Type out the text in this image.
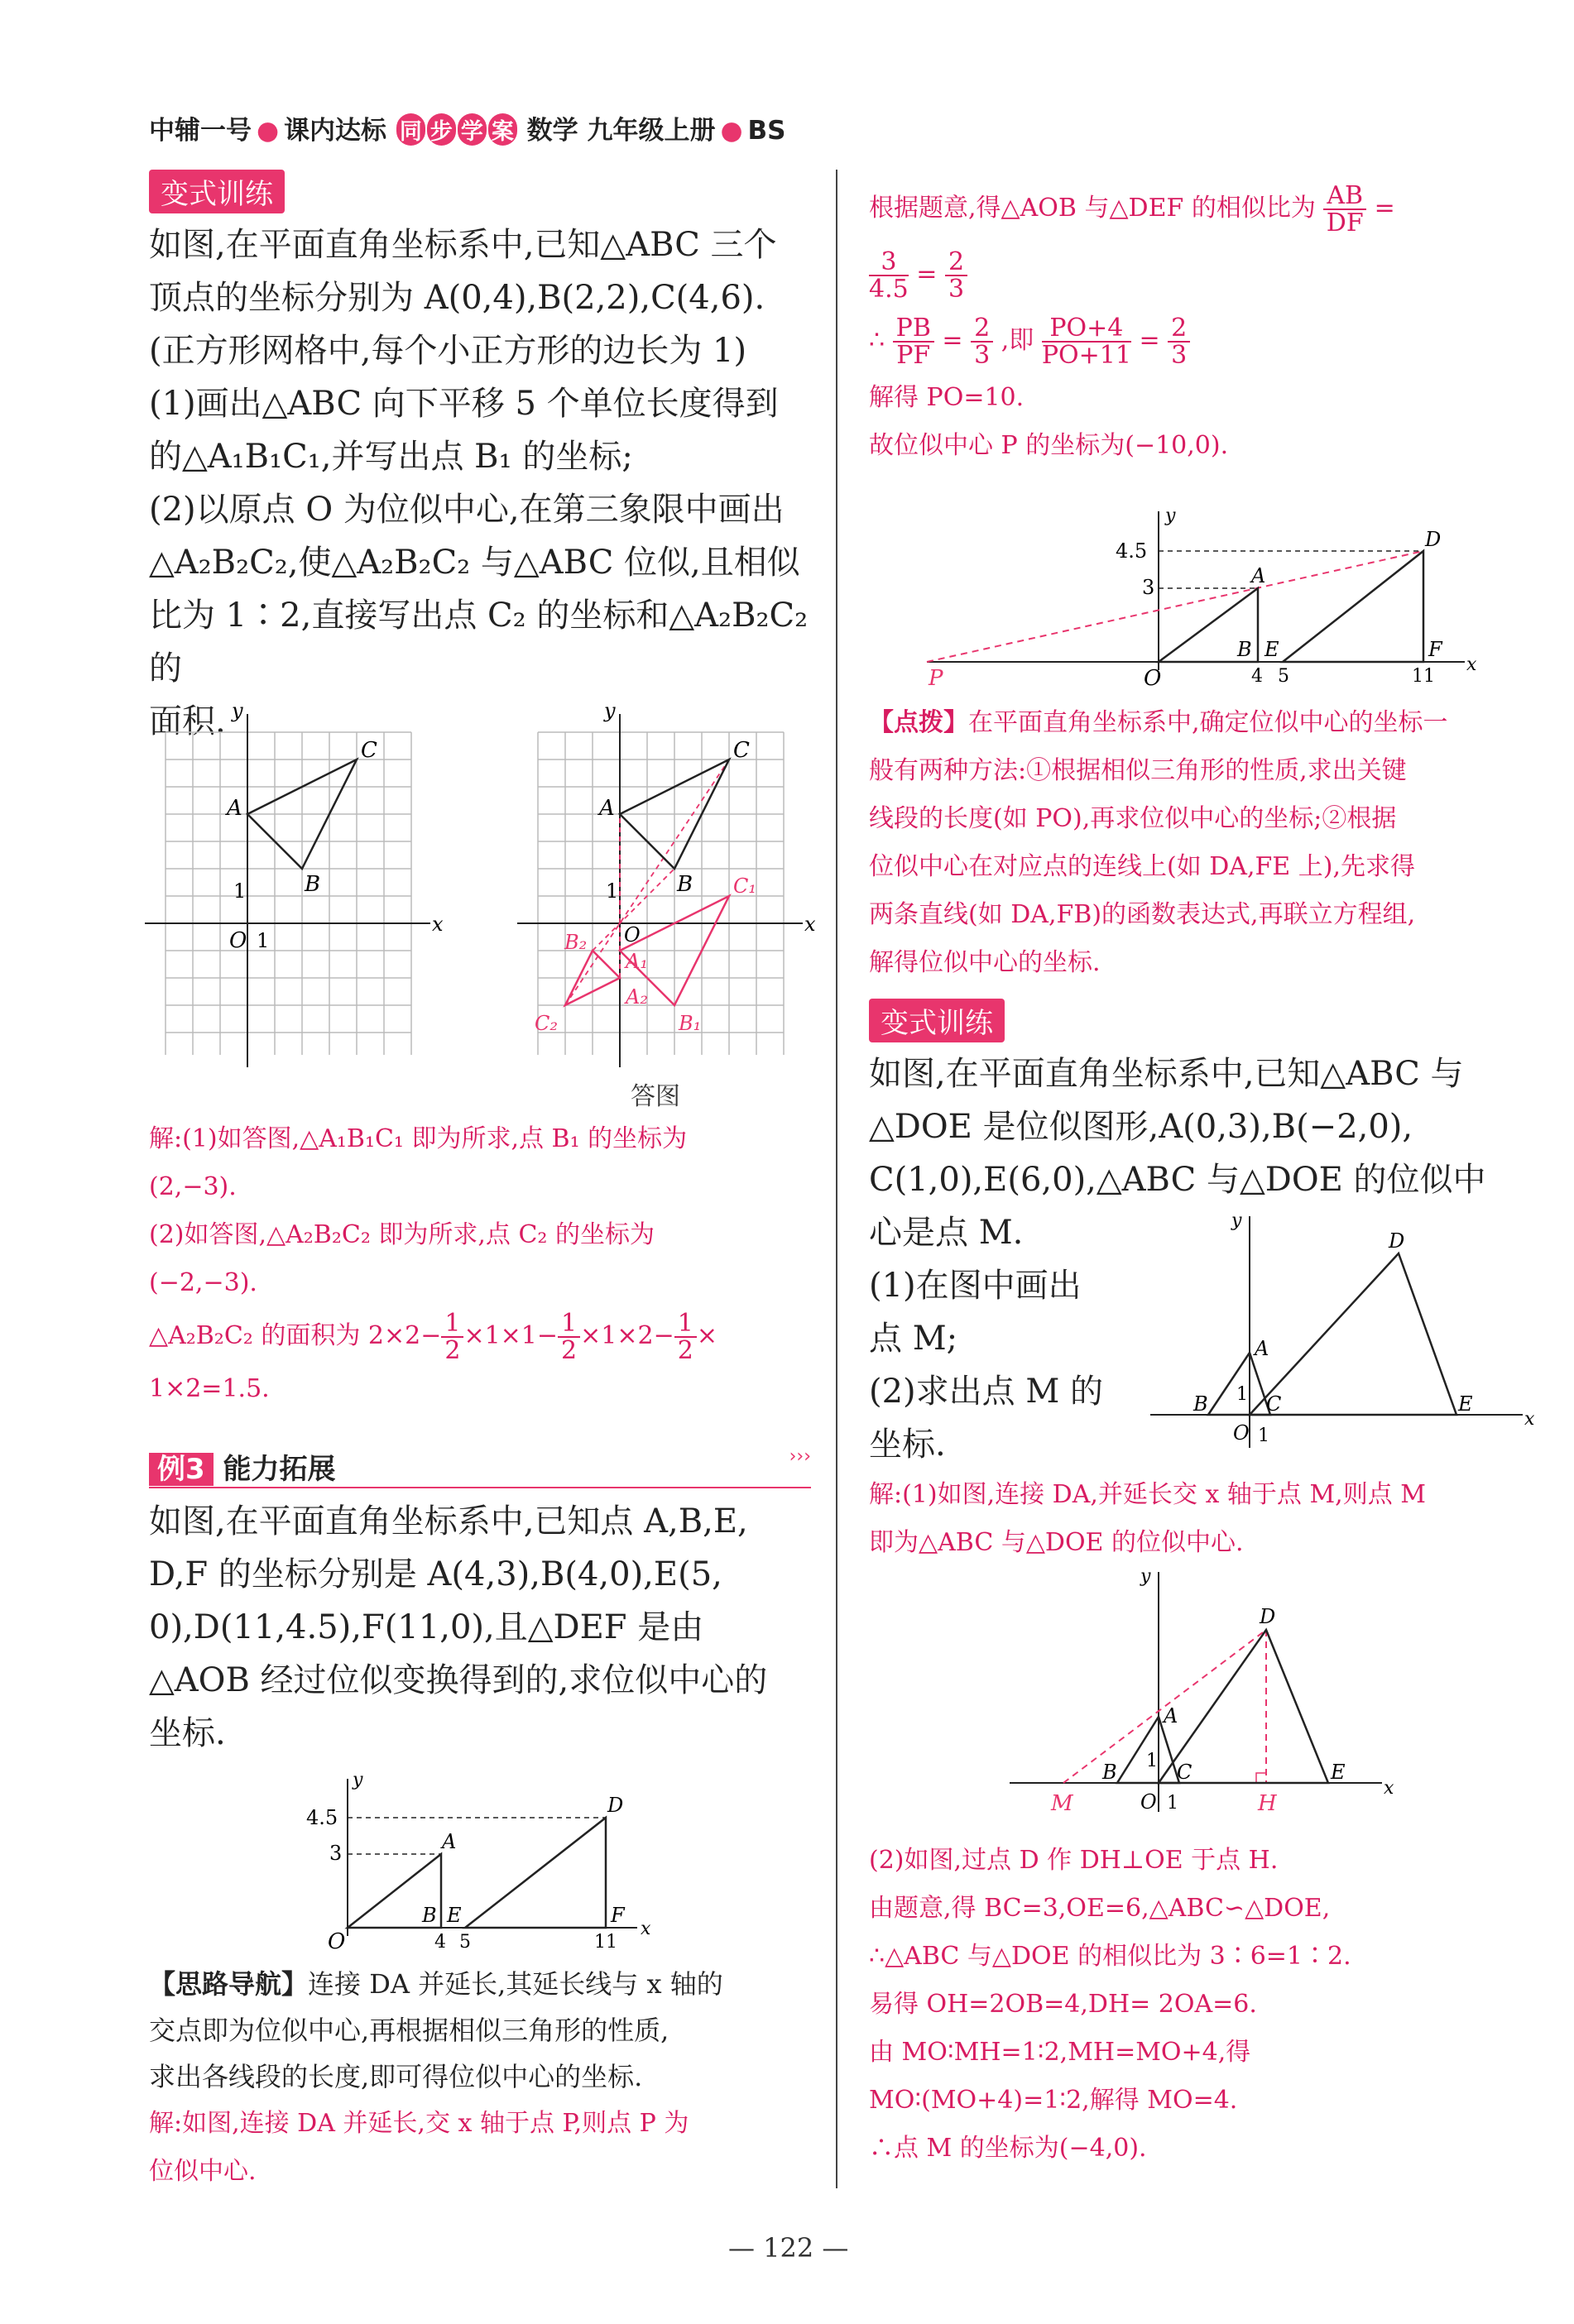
中辅一号 ● 课内达标 同 步 学 案 数学 九年级上册 ● BS
变式训练
如图,在平面直角坐标系中,已知△ABC 三个
顶点的坐标分别为 A(0,4),B(2,2),C(4,6).
(正方形网格中,每个小正方形的边长为 1)
(1)画出△ABC 向下平移 5 个单位长度得到
的△A₁B₁C₁,并写出点 B₁ 的坐标;
(2)以原点 O 为位似中心,在第三象限中画出
△A₂B₂C₂,使△A₂B₂C₂ 与△ABC 位似,且相似
比为 1∶2,直接写出点 C₂ 的坐标和△A₂B₂C₂ 的
面积.
x
y
O 1
1
A
B
C
x
y
O
1
A
B
C
A₁
B₁
C₁
A₂
B₂
C₂
答图
解:(1)如答图,△A₁B₁C₁ 即为所求,点 B₁ 的坐标为
(2,−3).
(2)如答图,△A₂B₂C₂ 即为所求,点 C₂ 的坐标为
(−2,−3).
△A₂B₂C₂ 的面积为 $2\times 2- \frac{1}{2} \times 1\times 1- \frac{1}{2} \times 1\times 2- \frac{1}{2}$ ×
1×2=1.5.
例3 能力拓展	›››
如图,在平面直角坐标系中,已知点 A,B,E,
D,F 的坐标分别是 A(4,3),B(4,0),E(5,
0),D(11,4.5),F(11,0),且△DEF 是由
△AOB 经过位似变换得到的,求位似中心的
坐标.
x
y
4.5
3
O
A
B E
D
F
4 5	11
【思路导航】连接 DA 并延长,其延长线与 x 轴的
交点即为位似中心,再根据相似三角形的性质,
求出各线段的长度,即可得位似中心的坐标.
解:如图,连接 DA 并延长,交 x 轴于点 P,则点 P 为
位似中心.
根据题意,得△AOB 与△DEF 的相似比为 $\frac{AB}{DF}$ =
$\frac{3}{4.5} = \frac{2}{3}$
∴ $\frac{PB}{PF} = \frac{2}{3}$ ,即 $\frac{PO+4}{PO+11} = \frac{2}{3}$
解得 PO=10.
故位似中心 P 的坐标为(−10,0).
x
y
4.5
3
O
P
A
B E
D
F
4 5	11
【点拨】在平面直角坐标系中,确定位似中心的坐标一
般有两种方法:①根据相似三角形的性质,求出关键
线段的长度(如 PO),再求位似中心的坐标;②根据
位似中心在对应点的连线上(如 DA,FE 上),先求得
两条直线(如 DA,FB)的函数表达式,再联立方程组,
解得位似中心的坐标.
变式训练
如图,在平面直角坐标系中,已知△ABC 与
△DOE 是位似图形,A(0,3),B(−2,0),
C(1,0),E(6,0),△ABC 与△DOE 的位似中
心是点 M.
(1)在图中画出
点 M;
(2)求出点 M 的
坐标.
解:(1)如图,连接 DA,并延长交 x 轴于点 M,则点 M
即为△ABC 与△DOE 的位似中心.
x
y
O 1
1
A
B	C
D
E
x
y
O 1
1
A
B	C
D
E
M	H
(2)如图,过点 D 作 DH⊥OE 于点 H.
由题意,得 BC=3,OE=6,△ABC∽△DOE,
∴△ABC 与△DOE 的相似比为 3∶6=1∶2.
易得 OH=2OB=4,DH= 2OA=6.
由 MO∶MH=1∶2,MH=MO+4,得
MO∶(MO+4)=1∶2,解得 MO=4.
∴点 M 的坐标为(−4,0).
— 122 —
